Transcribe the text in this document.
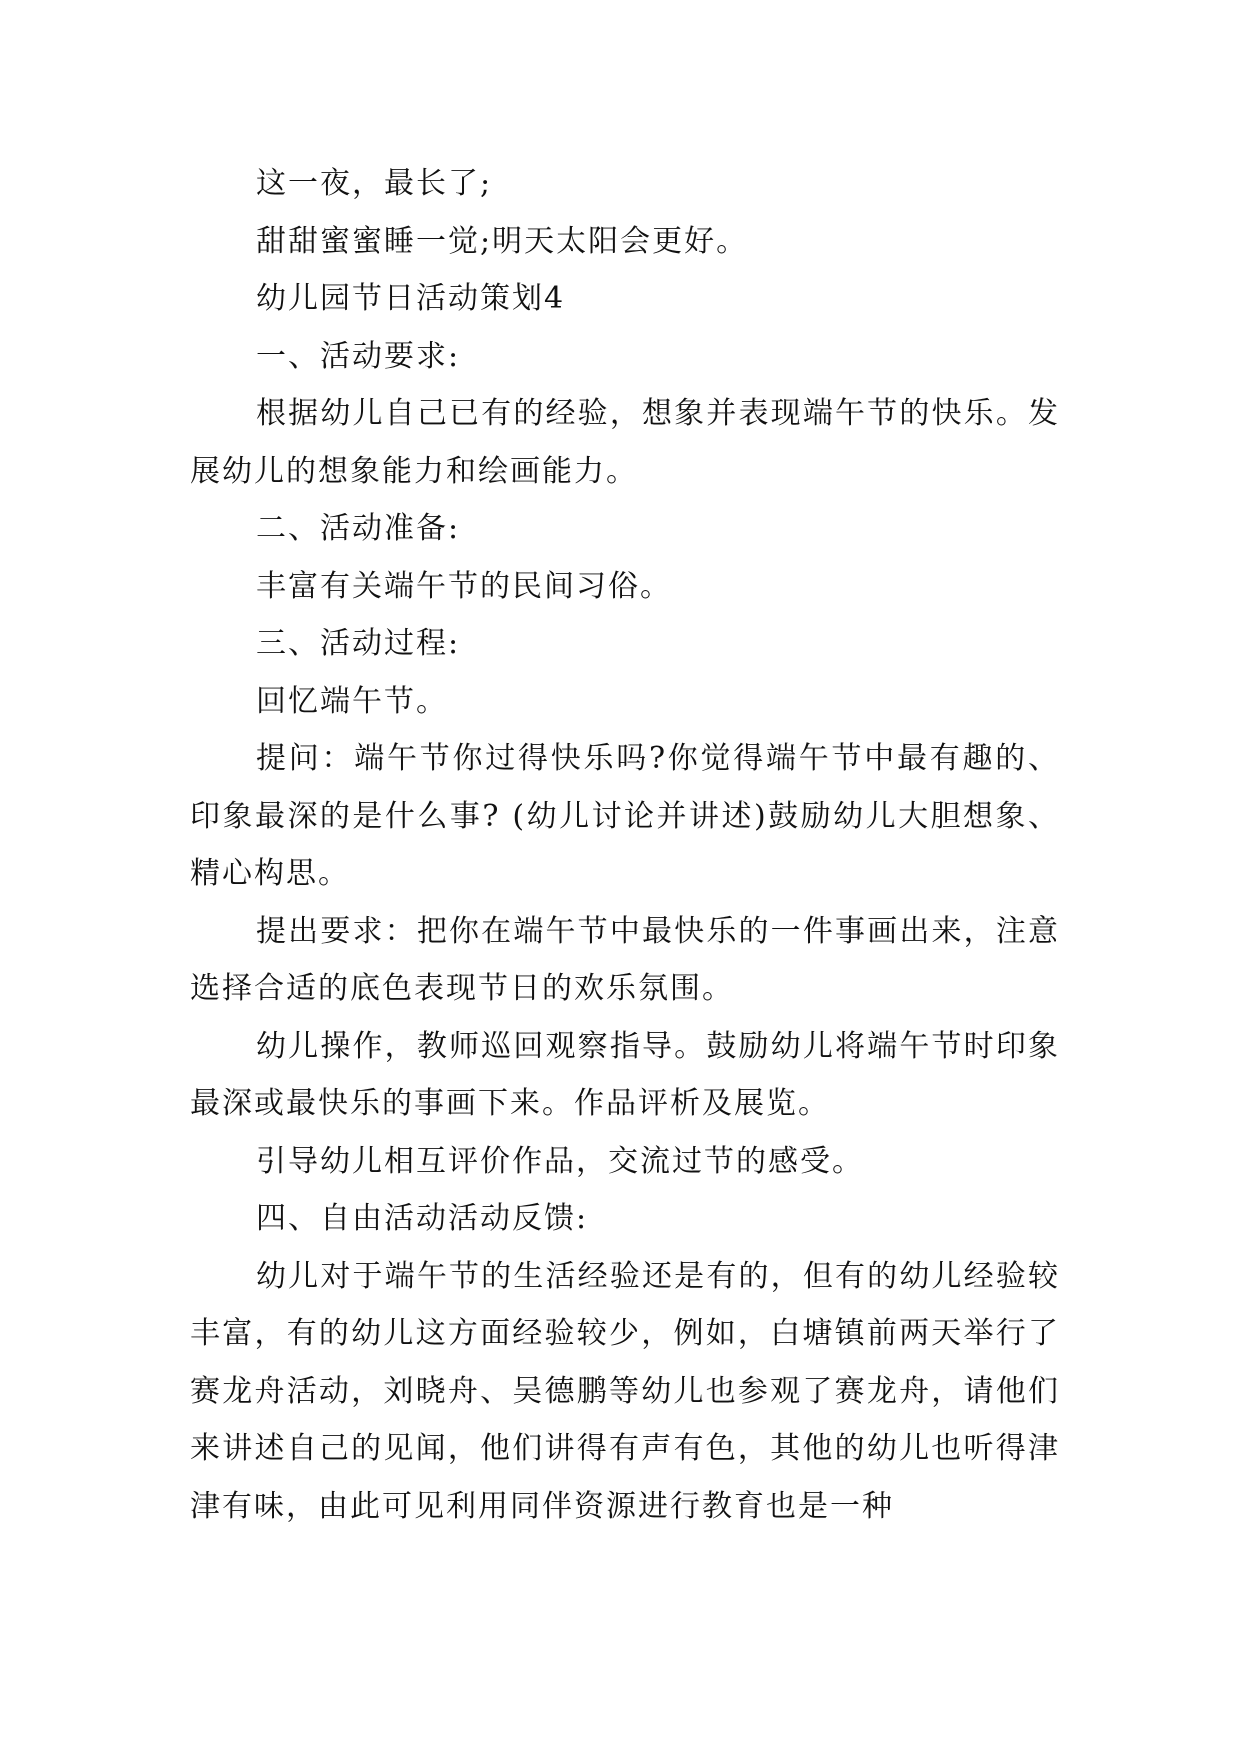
这一夜，最长了;

甜甜蜜蜜睡一觉;明天太阳会更好。

幼儿园节日活动策划4

一、活动要求:

根据幼儿自己已有的经验，想象并表现端午节的快乐。发展幼儿的想象能力和绘画能力。

二、活动准备:

丰富有关端午节的民间习俗。

三、活动过程:

回忆端午节。

提问：端午节你过得快乐吗?你觉得端午节中最有趣的、印象最深的是什么事? (幼儿讨论并讲述)鼓励幼儿大胆想象、精心构思。

提出要求：把你在端午节中最快乐的一件事画出来，注意选择合适的底色表现节日的欢乐氛围。

幼儿操作，教师巡回观察指导。鼓励幼儿将端午节时印象最深或最快乐的事画下来。作品评析及展览。

引导幼儿相互评价作品，交流过节的感受。

四、自由活动活动反馈:

幼儿对于端午节的生活经验还是有的，但有的幼儿经验较丰富，有的幼儿这方面经验较少，例如，白塘镇前两天举行了赛龙舟活动，刘晓舟、吴德鹏等幼儿也参观了赛龙舟，请他们来讲述自己的见闻，他们讲得有声有色，其他的幼儿也听得津津有味，由此可见利用同伴资源进行教育也是一种
